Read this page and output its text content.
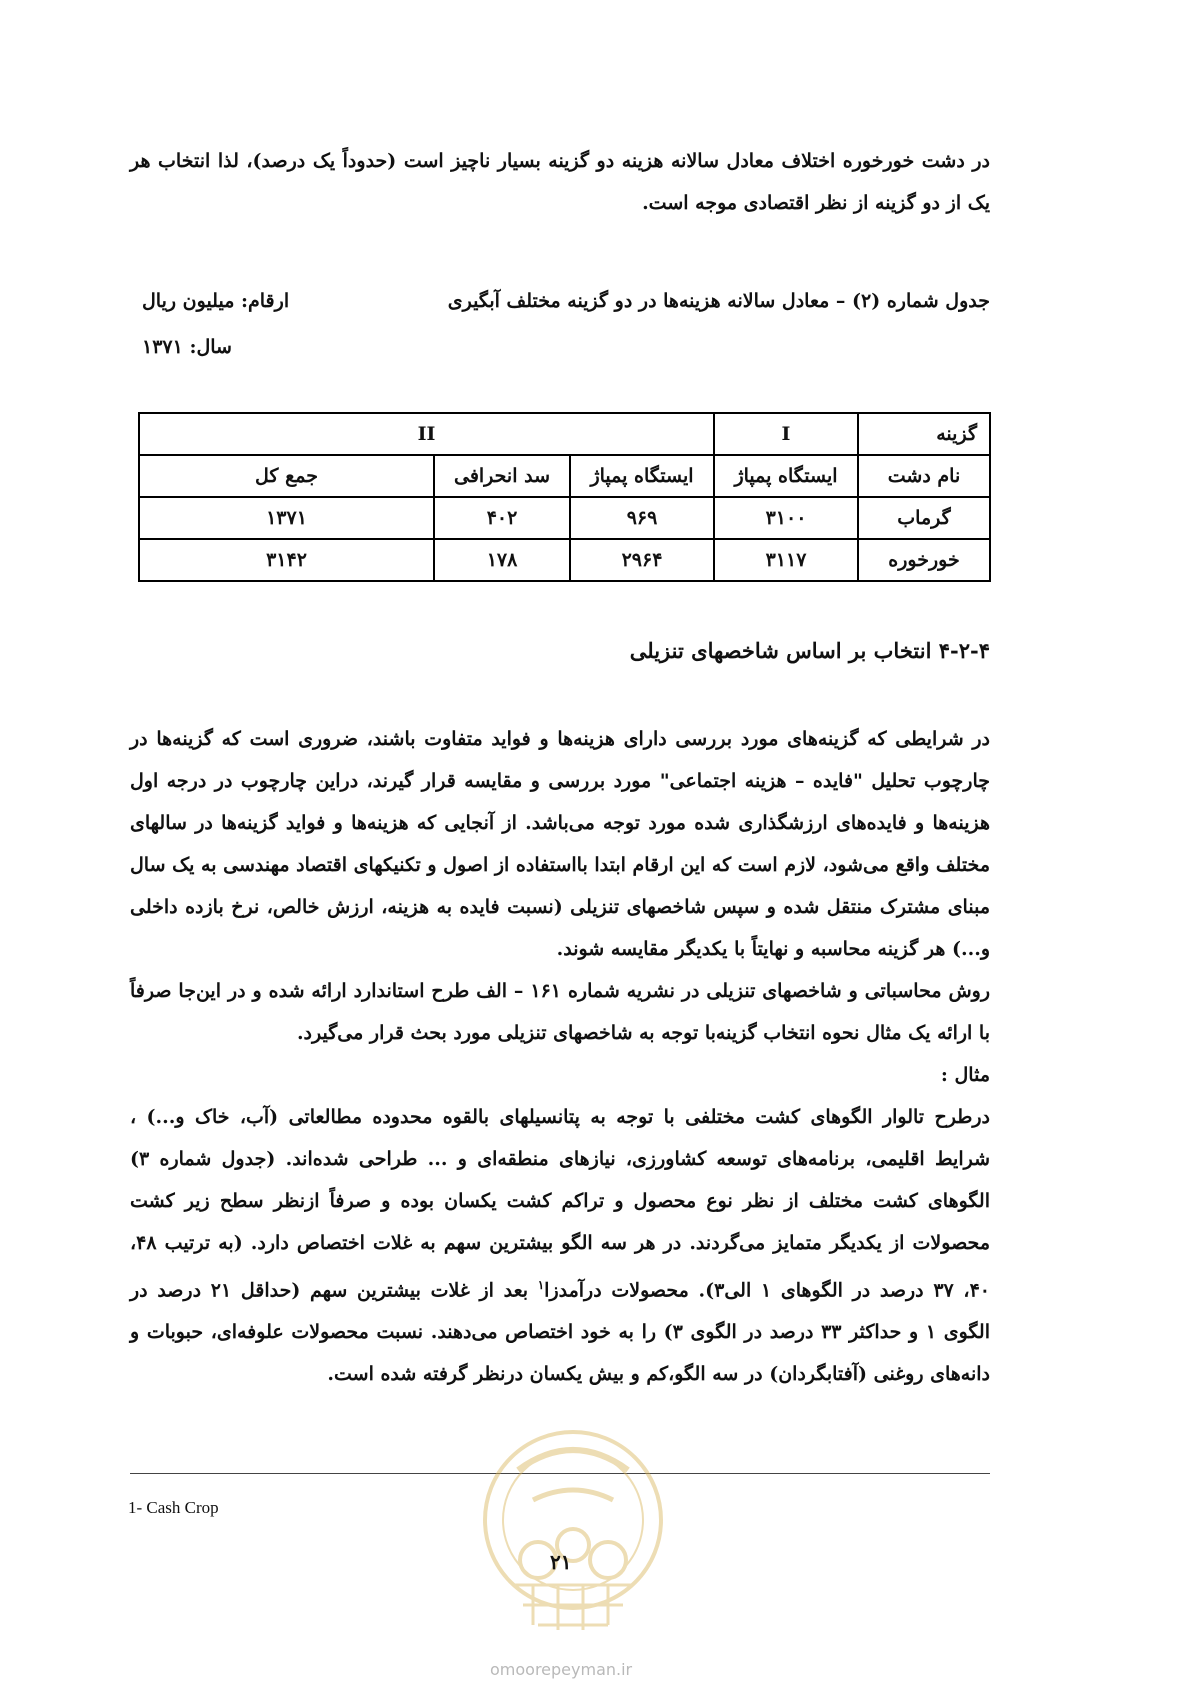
در دشت خورخوره اختلاف معادل سالانه هزینه دو گزینه بسیار ناچیز است (حدوداً یک درصد)، لذا انتخاب هر یک از دو گزینه از نظر اقتصادی موجه است.

جدول شماره (۲) – معادل سالانه هزینه‌ها در دو گزینه مختلف آبگیری
ارقام: میلیون ریال
سال: ۱۳۷۱
گزینه	I	II		
نام دشت	ایستگاه پمپاژ	ایستگاه پمپاژ	سد انحرافی	جمع کل
گرماب	۳۱۰۰	۹۶۹	۴۰۲	۱۳۷۱
خورخوره	۳۱۱۷	۲۹۶۴	۱۷۸	۳۱۴۲
۴-۲-۴ انتخاب بر اساس شاخصهای تنزیلی

در شرایطی که گزینه‌های مورد بررسی دارای هزینه‌ها و فواید متفاوت باشند، ضروری است که گزینه‌ها در چارچوب تحلیل "فایده – هزینه اجتماعی" مورد بررسی و مقایسه قرار گیرند، دراین چارچوب در درجه اول هزینه‌ها و فایده‌های ارزشگذاری شده مورد توجه می‌باشد. از آنجایی که هزینه‌ها و فواید گزینه‌ها در سالهای مختلف واقع می‌شود، لازم است که این ارقام ابتدا بااستفاده از اصول و تکنیکهای اقتصاد مهندسی به یک سال مبنای مشترک منتقل شده و سپس شاخصهای تنزیلی (نسبت فایده به هزینه، ارزش خالص، نرخ بازده داخلی و...) هر گزینه محاسبه و نهایتاً با یکدیگر مقایسه شوند.

روش محاسباتی و شاخصهای تنزیلی در نشریه شماره ۱۶۱ – الف طرح استاندارد ارائه شده و در این‌جا صرفاً با ارائه یک مثال نحوه انتخاب گزینه‌با توجه به شاخصهای تنزیلی مورد بحث قرار می‌گیرد.

مثال :

درطرح تالوار الگوهای کشت مختلفی با توجه به پتانسیلهای بالقوه محدوده مطالعاتی (آب، خاک و...) ، شرایط اقلیمی، برنامه‌های توسعه کشاورزی، نیازهای منطقه‌ای و ... طراحی شده‌اند. (جدول شماره ۳) الگوهای کشت مختلف از نظر نوع محصول و تراکم کشت یکسان بوده و صرفاً ازنظر سطح زیر کشت محصولات از یکدیگر متمایز می‌گردند. در هر سه الگو بیشترین سهم به غلات اختصاص دارد. (به ترتیب ۴۸، ۴۰، ۳۷ درصد در الگوهای ۱ الی۳). محصولات درآمدزا$^۱$ بعد از غلات بیشترین سهم (حداقل ۲۱ درصد در الگوی ۱ و حداکثر ۳۳ درصد در الگوی ۳) را به خود اختصاص می‌دهند. نسبت محصولات علوفه‌ای، حبوبات و دانه‌های روغنی (آفتابگردان) در سه الگو،کم و بیش یکسان درنظر گرفته شده است.

1- Cash Crop
۲۱
omoorepeyman.ir
